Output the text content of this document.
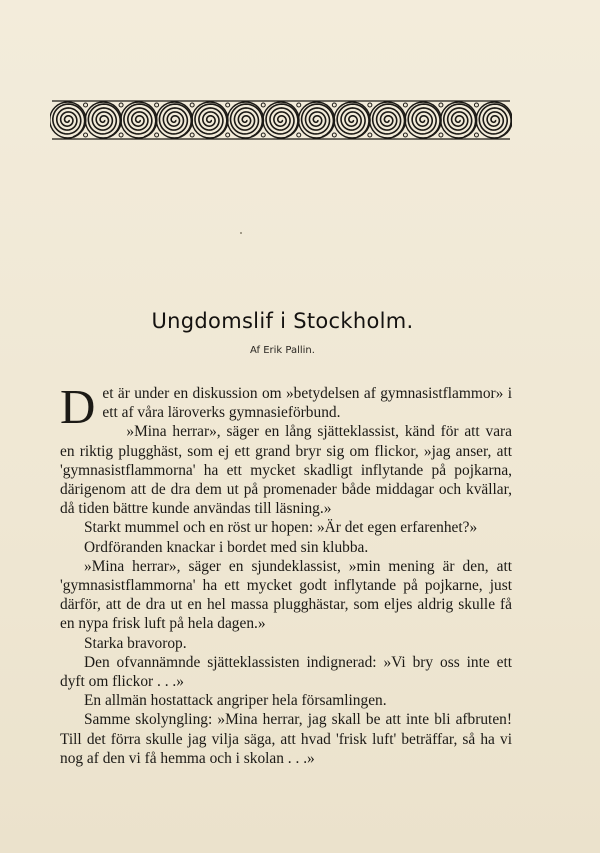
Ungdomslif i Stockholm.
Af Erik Pallin.

Det är under en diskussion om »betydelsen af gymnasistflammor» i ett af våra läroverks gymnasieförbund.

»Mina herrar», säger en lång sjätteklassist, känd för att vara en riktig plugghäst, som ej ett grand bryr sig om flickor, »jag anser, att 'gymnasistflammorna' ha ett mycket skadligt inflytande på pojkarna, därigenom att de dra dem ut på promenader både middagar och kvällar, då tiden bättre kunde användas till läsning.»

Starkt mummel och en röst ur hopen: »Är det egen erfarenhet?»

Ordföranden knackar i bordet med sin klubba.

»Mina herrar», säger en sjundeklassist, »min mening är den, att 'gymnasistflammorna' ha ett mycket godt inflytande på pojkarne, just därför, att de dra ut en hel massa plugghästar, som eljes aldrig skulle få en nypa frisk luft på hela dagen.»

Starka bravorop.

Den ofvannämnde sjätteklassisten indignerad: »Vi bry oss inte ett dyft om flickor . . .»

En allmän hostattack angriper hela församlingen.

Samme skolyngling: »Mina herrar, jag skall be att inte bli afbruten! Till det förra skulle jag vilja säga, att hvad 'frisk luft' beträffar, så ha vi nog af den vi få hemma och i skolan . . .»
